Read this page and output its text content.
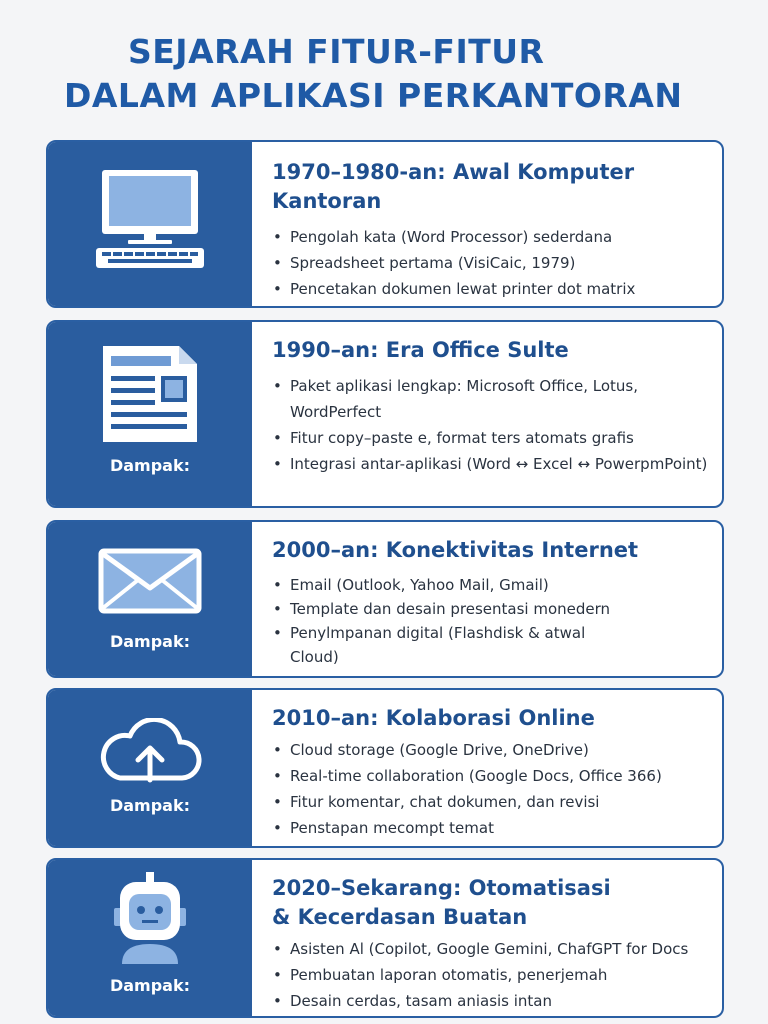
SEJARAH FITUR-FITUR
DALAM APLIKASI PERKANTORAN
1970–1980-an: Awal Komputer
Kantoran
• Pengolah kata (Word Processor) sederdana
• Spreadsheet pertama (VisiCaic, 1979)
• Pencetakan dokumen lewat printer dot matrix
Dampak:
1990–an: Era Office Sulte
• Paket aplikasi lengkap: Microsoft Office, Lotus, WordPerfect
• Fitur copy–paste e, format ters atomats grafis
• Integrasi antar-aplikasi (Word ↔ Excel ↔ PowerpmPoint)
Dampak:
2000–an: Konektivitas Internet
• Email (Outlook, Yahoo Mail, Gmail)
• Template dan desain presentasi monedern
• Penylmpanan digital (Flashdisk & atwal Cloud)
Dampak:
2010–an: Kolaborasi Online
• Cloud storage (Google Drive, OneDrive)
• Real-time collaboration (Google Docs, Office 366)
• Fitur komentar, chat dokumen, dan revisi
• Penstapan mecompt temat
Dampak:
2020–Sekarang: Otomatisasi
& Kecerdasan Buatan
• Asisten Al (Copilot, Google Gemini, ChafGPT for Docs
• Pembuatan laporan otomatis, penerjemah
• Desain cerdas, tasam aniasis intan
